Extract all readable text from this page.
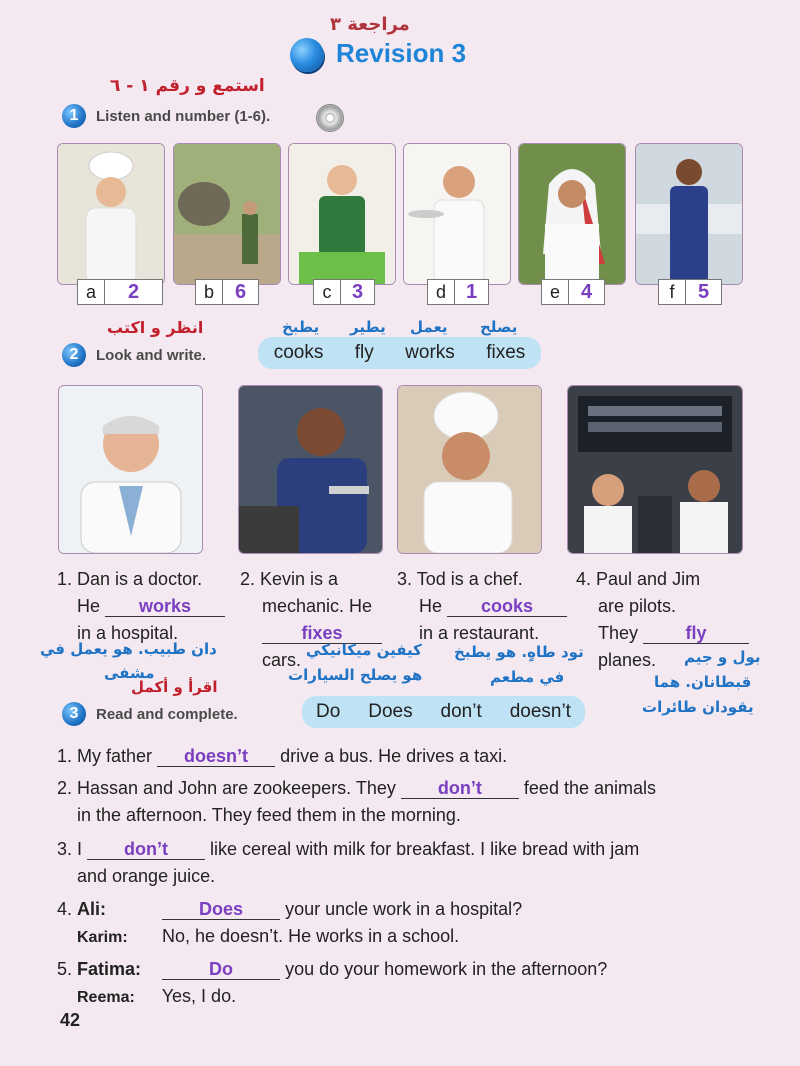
مراجعة ٣
Revision 3
استمع و رقم ١ - ٦
1	Listen and number (1-6).
a	2	b	6	c	3	d 1	e	4	f	5
انظر و اكتب
2	Look and write.
يطبخ يطير يعمل يصلح
cooks fly works fixes
1. Dan is a doctor.
He works
in a hospital.
2. Kevin is a
mechanic. He
fixes
cars.
3. Tod is a chef.
He cooks
in a restaurant.
4. Paul and Jim
are pilots.
They	fly
planes.
دان طبيب. هو يعمل في
مشفى
كيفين ميكانيكي
هو يصلح السيارات
تود طاهٍ. هو يطبخ
في مطعم
بول و جيم
قبطانان. هما
يقودان طائرات
اقرأ و أكمل
3	Read and complete.	Do Does don’t doesn’t
1. My father doesn’t drive a bus. He drives a taxi.
2. Hassan and John are zookeepers. They don’t feed the animals
in the afternoon. They feed them in the morning.
3. I don’t like cereal with milk for breakfast. I like bread with jam
and orange juice.
4. Ali:	Does your uncle work in a hospital?
Karim: No, he doesn’t. He works in a school.
5. Fatima:	Do	you do your homework in the afternoon?
Reema: Yes, I do.
42
